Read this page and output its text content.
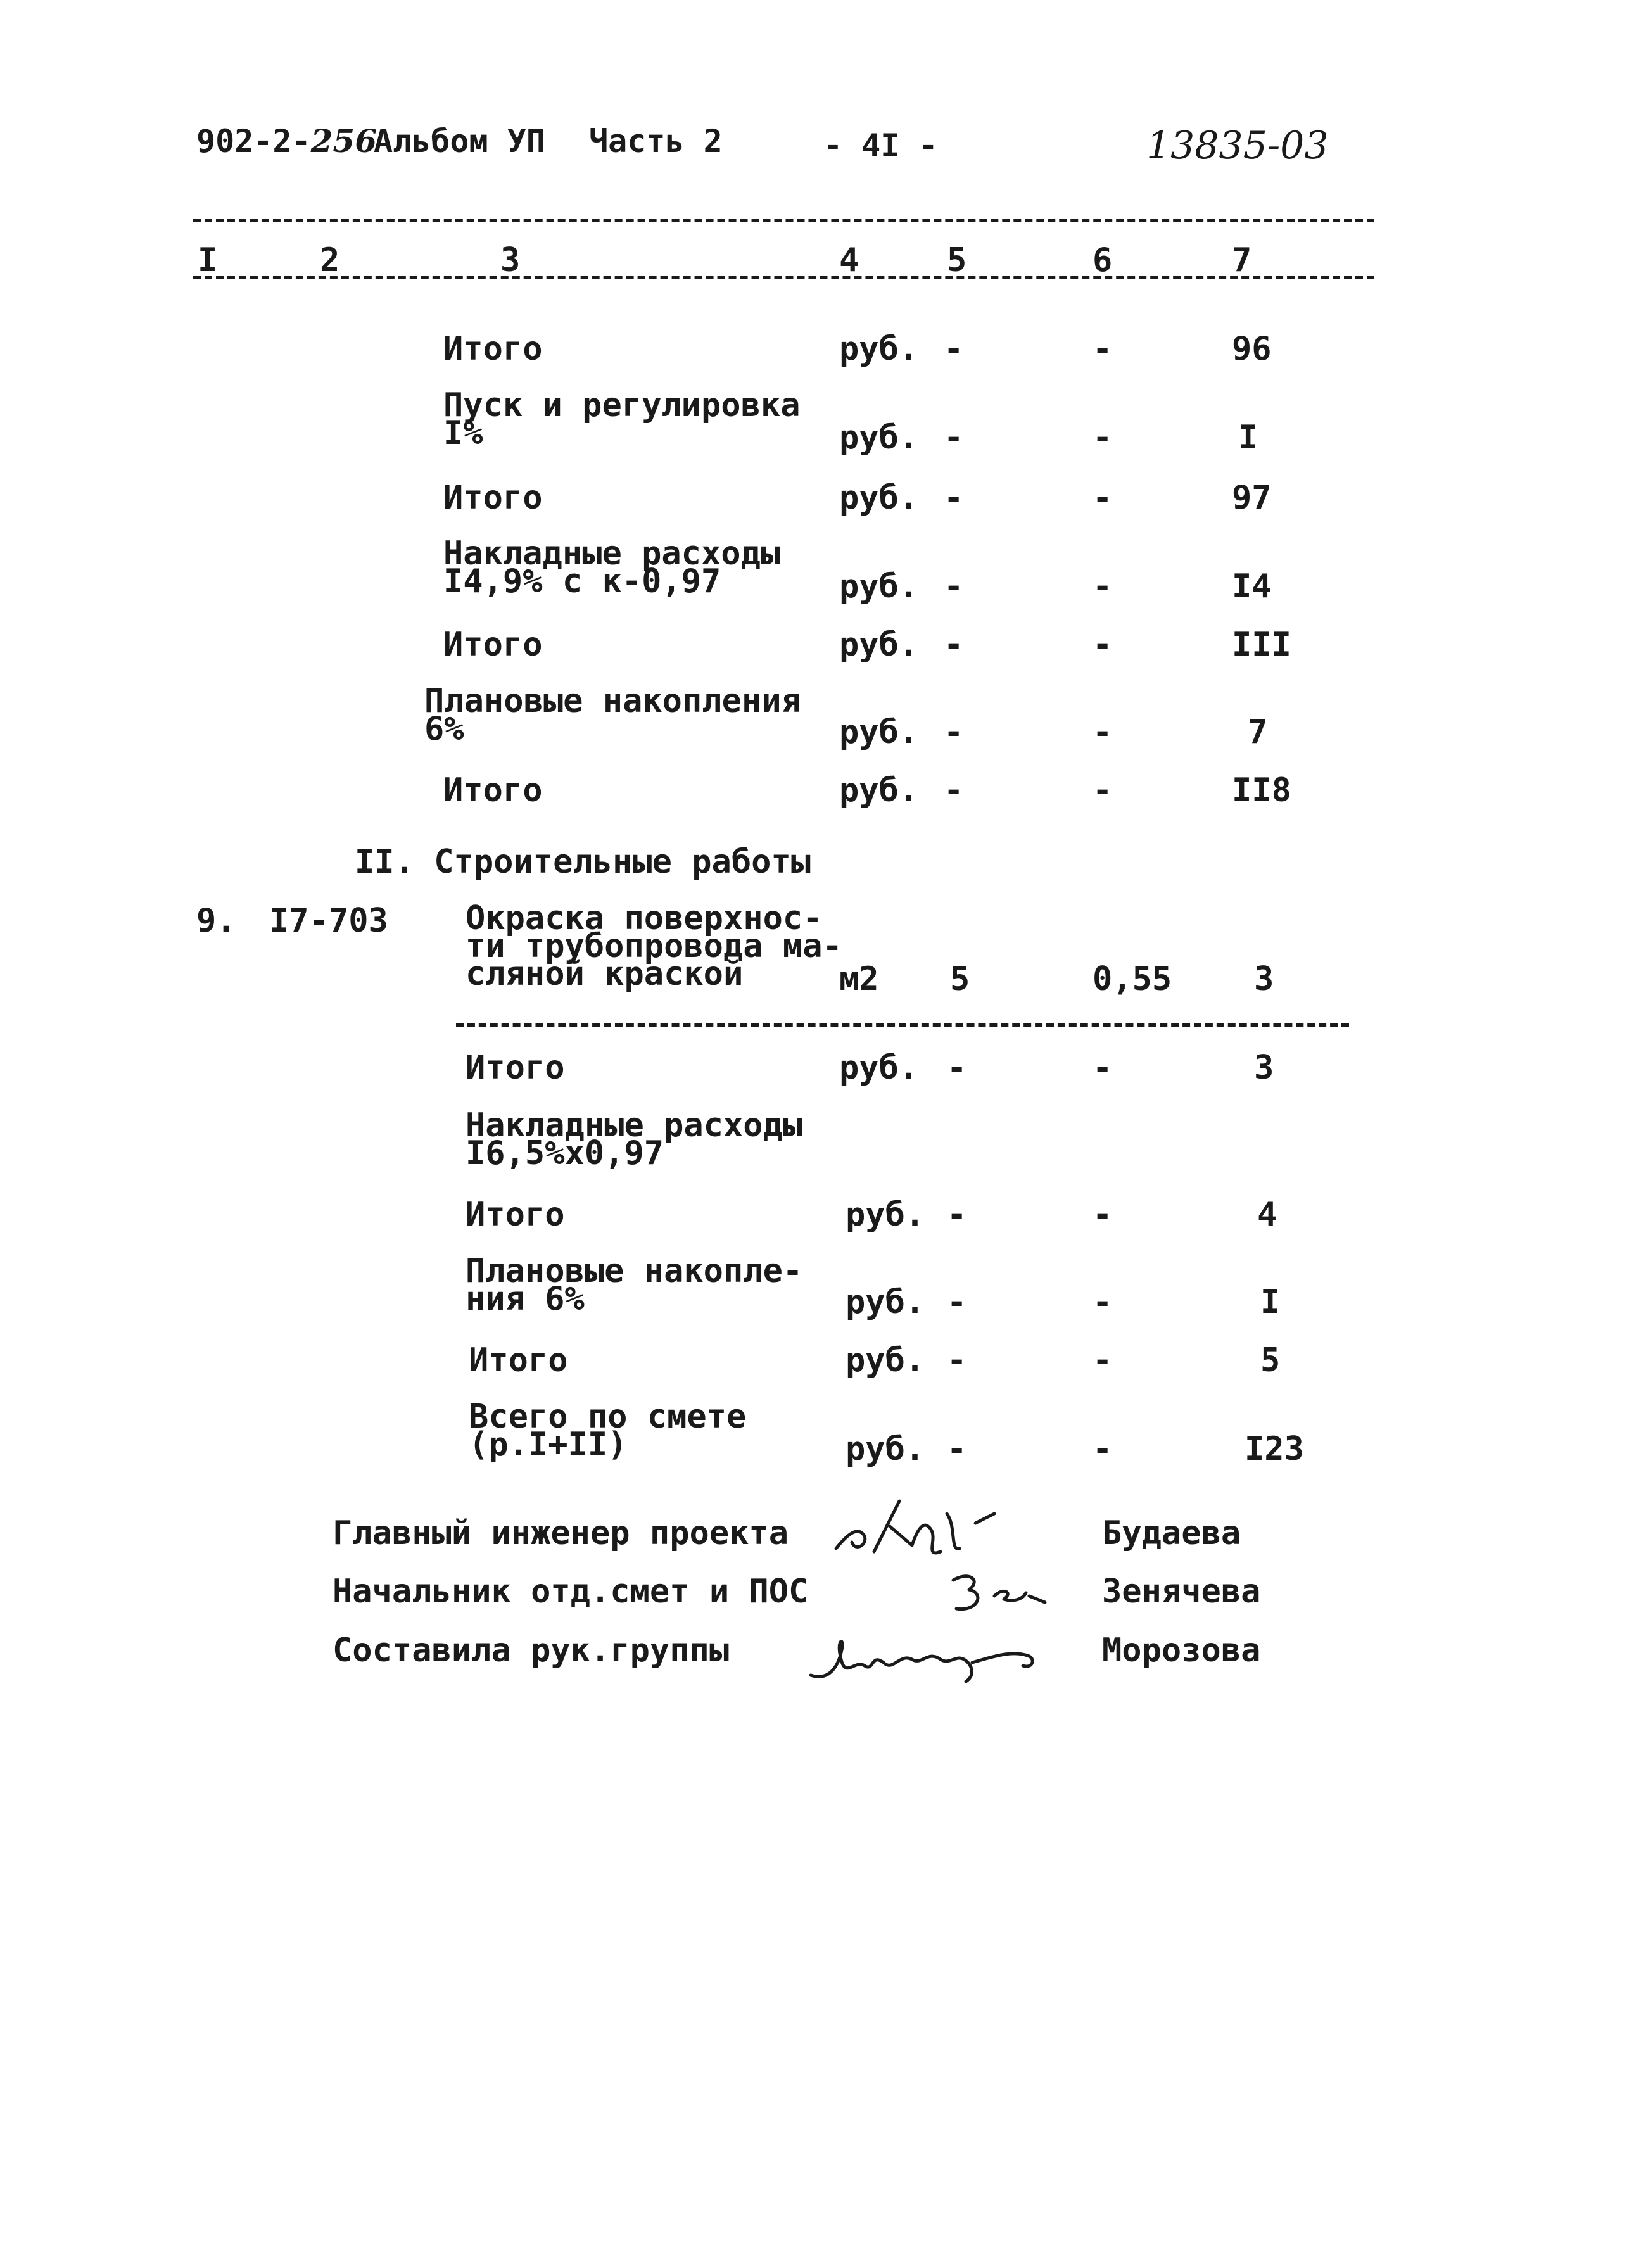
902-2-256
Альбом УП Часть 2	- 4I -	13835-03
I	2	3	4	5	6	7
Итого	руб. -	-	96
Пуск и регулировка
I%	руб. -	-	I
Итого	руб. -	-	97
Накладные расходы
I4,9% с к-0,97	руб. -	-	I4
Итого	руб. -	-	III
Плановые накопления
6%	руб. -	-	7
Итого	руб. -	-	II8
II. Строительные работы
9. I7-703 Окраска поверхнос-
ти трубопровода ма-
сляной краской	м2 5	0,55 3
Итого	руб. -	-	3
Накладные расходы
I6,5%х0,97
Итого	руб. -	-	4
Плановые накопле-
ния 6%	руб. -	-	I
Итого	руб. -	-	5
Всего по смете
(р.I+II)	руб. -	-	I23
Главный инженер проекта	Будаева
Начальник отд.смет и ПОС	Зенячева
Составила рук.группы	Морозова
